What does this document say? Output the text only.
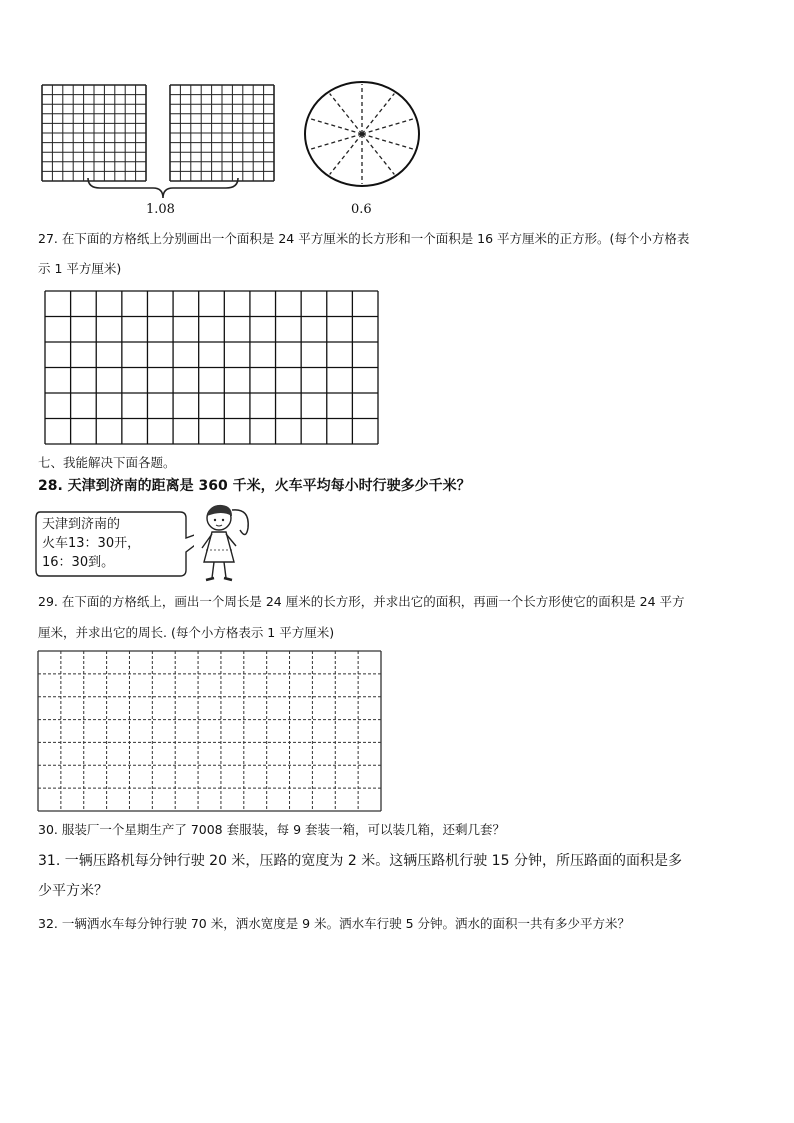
1.08	0.6
27. 在下面的方格纸上分别画出一个面积是 24 平方厘米的长方形和一个面积是 16 平方厘米的正方形。(每个小方格表
示 1 平方厘米)
七、我能解决下面各题。
28. 天津到济南的距离是 360 千米，火车平均每小时行驶多少千米？
天津到济南的
火车13：30开，
16：30到。
29. 在下面的方格纸上，画出一个周长是 24 厘米的长方形，并求出它的面积，再画一个长方形使它的面积是 24 平方
厘米，并求出它的周长. (每个小方格表示 1 平方厘米)
30. 服装厂一个星期生产了 7008 套服装，每 9 套装一箱，可以装几箱，还剩几套？
31. 一辆压路机每分钟行驶 20 米，压路的宽度为 2 米。这辆压路机行驶 15 分钟，所压路面的面积是多
少平方米？
32. 一辆洒水车每分钟行驶 70 米，洒水宽度是 9 米。洒水车行驶 5 分钟。洒水的面积一共有多少平方米？
